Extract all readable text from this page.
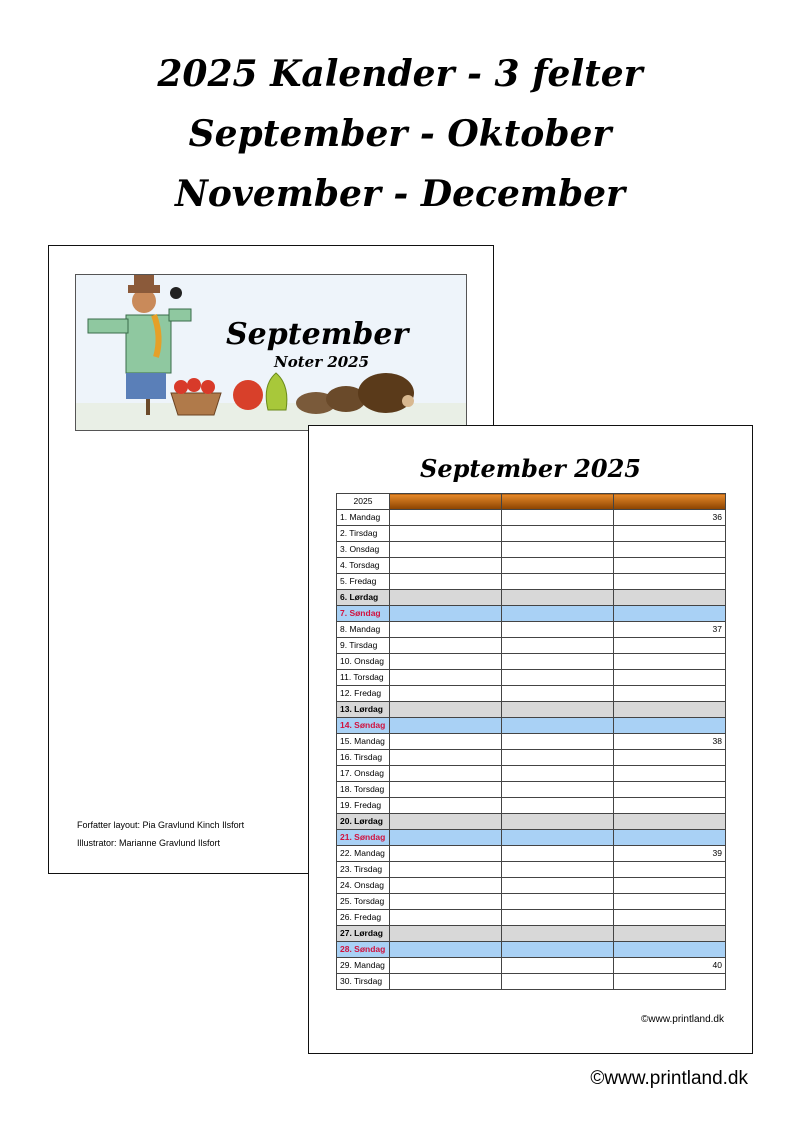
2025 Kalender - 3 felter
September - Oktober
November - December
September
Noter 2025
Forfatter layout: Pia Gravlund Kinch Ilsfort
Illustrator: Marianne Gravlund Ilsfort
September 2025
2025			
1. Mandag			36
2. Tirsdag			
3. Onsdag			
4. Torsdag			
5. Fredag			
6. Lørdag			
7. Søndag			
8. Mandag			37
9. Tirsdag			
10. Onsdag			
11. Torsdag			
12. Fredag			
13. Lørdag			
14. Søndag			
15. Mandag			38
16. Tirsdag			
17. Onsdag			
18. Torsdag			
19. Fredag			
20. Lørdag			
21. Søndag			
22. Mandag			39
23. Tirsdag			
24. Onsdag			
25. Torsdag			
26. Fredag			
27. Lørdag			
28. Søndag			
29. Mandag			40
30. Tirsdag			
©www.printland.dk
©www.printland.dk
